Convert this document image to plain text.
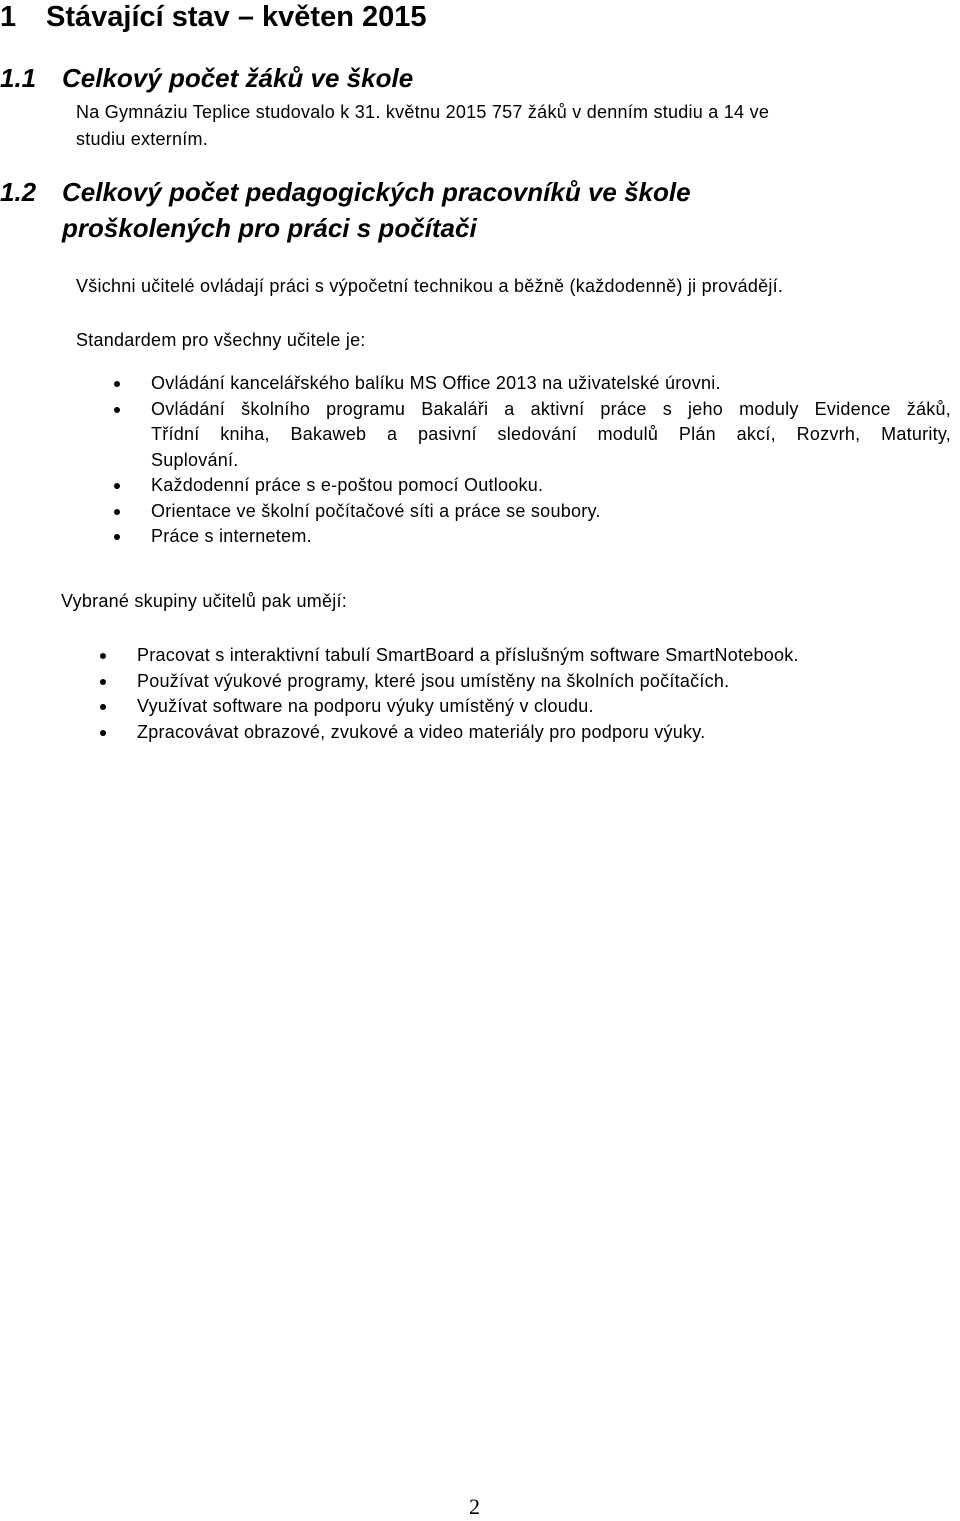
1 Stávající stav – květen 2015
1.1 Celkový počet žáků ve škole
Na Gymnáziu Teplice studovalo k 31. květnu 2015 757 žáků v denním studiu a 14 ve
studiu externím.
1.2 Celkový počet pedagogických pracovníků ve škole
proškolených pro práci s počítači
Všichni učitelé ovládají práci s výpočetní technikou a běžně (každodenně) ji provádějí.
Standardem pro všechny učitele je:
Ovládání kancelářského balíku MS Office 2013 na uživatelské úrovni.
Ovládání školního programu Bakaláři a aktivní práce s jeho moduly Evidence žáků,
Třídní kniha, Bakaweb a pasivní sledování modulů Plán akcí, Rozvrh, Maturity,
Suplování.
Každodenní práce s e-poštou pomocí Outlooku.
Orientace ve školní počítačové síti a práce se soubory.
Práce s internetem.
Vybrané skupiny učitelů pak umějí:
Pracovat s interaktivní tabulí SmartBoard a příslušným software SmartNotebook.
Používat výukové programy, které jsou umístěny na školních počítačích.
Využívat software na podporu výuky umístěný v cloudu.
Zpracovávat obrazové, zvukové a video materiály pro podporu výuky.
2
